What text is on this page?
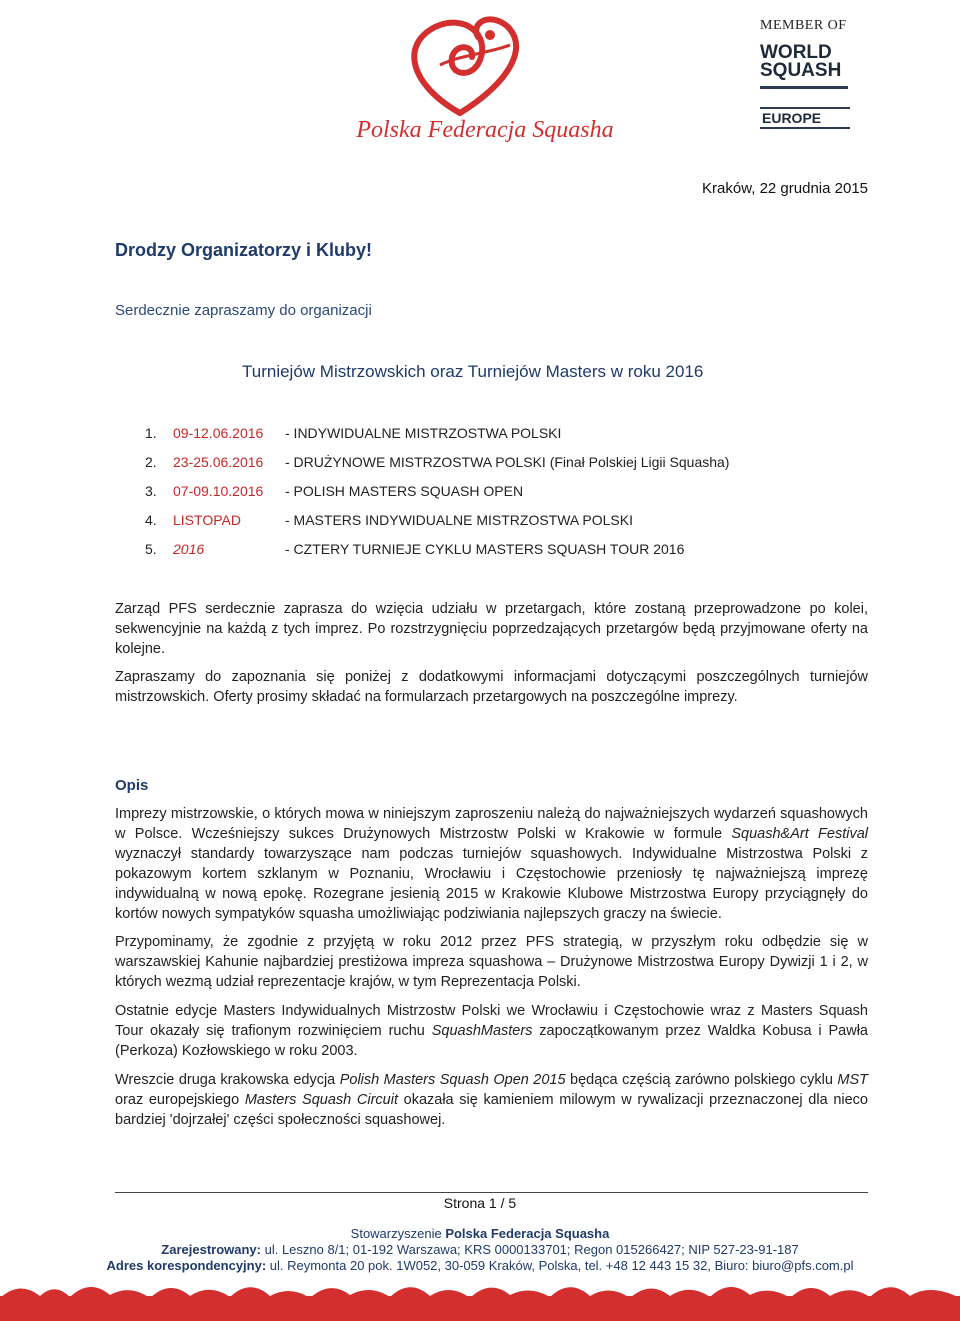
Polska Federacja Squasha
MEMBER OF
WORLD
SQUASH
EUROPE
Kraków, 22 grudnia 2015
Drodzy Organizatorzy i Kluby!
Serdecznie zapraszamy do organizacji
Turniejów Mistrzowskich oraz Turniejów Masters w roku 2016
1. 09-12.06.2016 - INDYWIDUALNE MISTRZOSTWA POLSKI
2. 23-25.06.2016 - DRUŻYNOWE MISTRZOSTWA POLSKI (Finał Polskiej Ligii Squasha)
3. 07-09.10.2016 - POLISH MASTERS SQUASH OPEN
4. LISTOPAD	- MASTERS INDYWIDUALNE MISTRZOSTWA POLSKI
5. 2016	- CZTERY TURNIEJE CYKLU MASTERS SQUASH TOUR 2016
Zarząd PFS serdecznie zaprasza do wzięcia udziału w przetargach, które zostaną przeprowadzone po kolei, sekwencyjnie na każdą z tych imprez. Po rozstrzygnięciu poprzedzających przetargów będą przyjmowane oferty na kolejne.
Zapraszamy do zapoznania się poniżej z dodatkowymi informacjami dotyczącymi poszczególnych turniejów mistrzowskich. Oferty prosimy składać na formularzach przetargowych na poszczególne imprezy.
Opis
Imprezy mistrzowskie, o których mowa w niniejszym zaproszeniu należą do najważniejszych wydarzeń squashowych w Polsce. Wcześniejszy sukces Drużynowych Mistrzostw Polski w Krakowie w formule Squash&Art Festival wyznaczył standardy towarzyszące nam podczas turniejów squashowych. Indywidualne Mistrzostwa Polski z pokazowym kortem szklanym w Poznaniu, Wrocławiu i Częstochowie przeniosły tę najważniejszą imprezę indywidualną w nową epokę. Rozegrane jesienią 2015 w Krakowie Klubowe Mistrzostwa Europy przyciągnęły do kortów nowych sympatyków squasha umożliwiając podziwiania najlepszych graczy na świecie.
Przypominamy, że zgodnie z przyjętą w roku 2012 przez PFS strategią, w przyszłym roku odbędzie się w warszawskiej Kahunie najbardziej prestiżowa impreza squashowa – Drużynowe Mistrzostwa Europy Dywizji 1 i 2, w których wezmą udział reprezentacje krajów, w tym Reprezentacja Polski.
Ostatnie edycje Masters Indywidualnych Mistrzostw Polski we Wrocławiu i Częstochowie wraz z Masters Squash Tour okazały się trafionym rozwinięciem ruchu SquashMasters zapoczątkowanym przez Waldka Kobusa i Pawła (Perkoza) Kozłowskiego w roku 2003.
Wreszcie druga krakowska edycja Polish Masters Squash Open 2015 będąca częścią zarówno polskiego cyklu MST oraz europejskiego Masters Squash Circuit okazała się kamieniem milowym w rywalizacji przeznaczonej dla nieco bardziej 'dojrzałej' części społeczności squashowej.
Strona 1 / 5
Stowarzyszenie Polska Federacja Squasha
Zarejestrowany: ul. Leszno 8/1; 01-192 Warszawa; KRS 0000133701; Regon 015266427; NIP 527-23-91-187
Adres korespondencyjny: ul. Reymonta 20 pok. 1W052, 30-059 Kraków, Polska, tel. +48 12 443 15 32, Biuro: biuro@pfs.com.pl
